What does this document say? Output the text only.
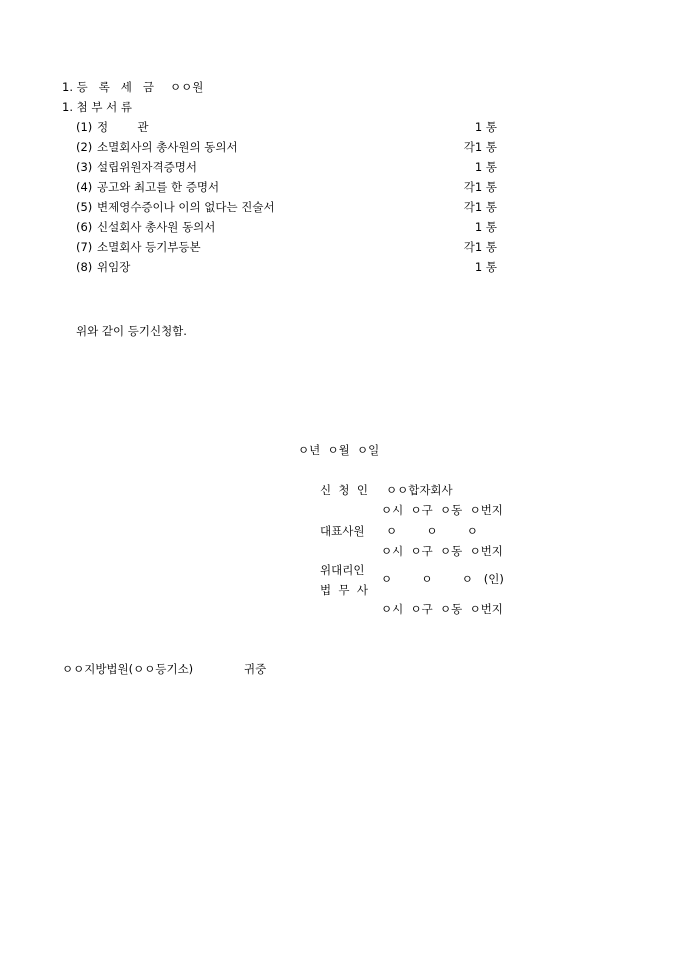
1. 등   록   세   금 ㅇㅇ원
1. 첨 부 서 류
(1) 정        관	1 통
(2) 소멸회사의 총사원의 동의서	각1 통
(3) 설립위원자격증명서	1 통
(4) 공고와 최고를 한 증명서	각1 통
(5) 변제영수증이나 이의 없다는 진술서	각1 통
(6) 신설회사 총사원 동의서	1 통
(7) 소멸회사 등기부등본	각1 통
(8) 위임장	1 통
위와 같이 등기신청함.
ㅇ년  ㅇ월  ㅇ일
신  청  인 ㅇㅇ합자회사
ㅇ시  ㅇ구  ㅇ동  ㅇ번지
대표사원 ㅇ        ㅇ        ㅇ
ㅇ시  ㅇ구  ㅇ동  ㅇ번지
위대리인
법  무  사
ㅇ        ㅇ        ㅇ   (인)
ㅇ시  ㅇ구  ㅇ동  ㅇ번지
ㅇㅇ지방법원(ㅇㅇ등기소)	귀중
